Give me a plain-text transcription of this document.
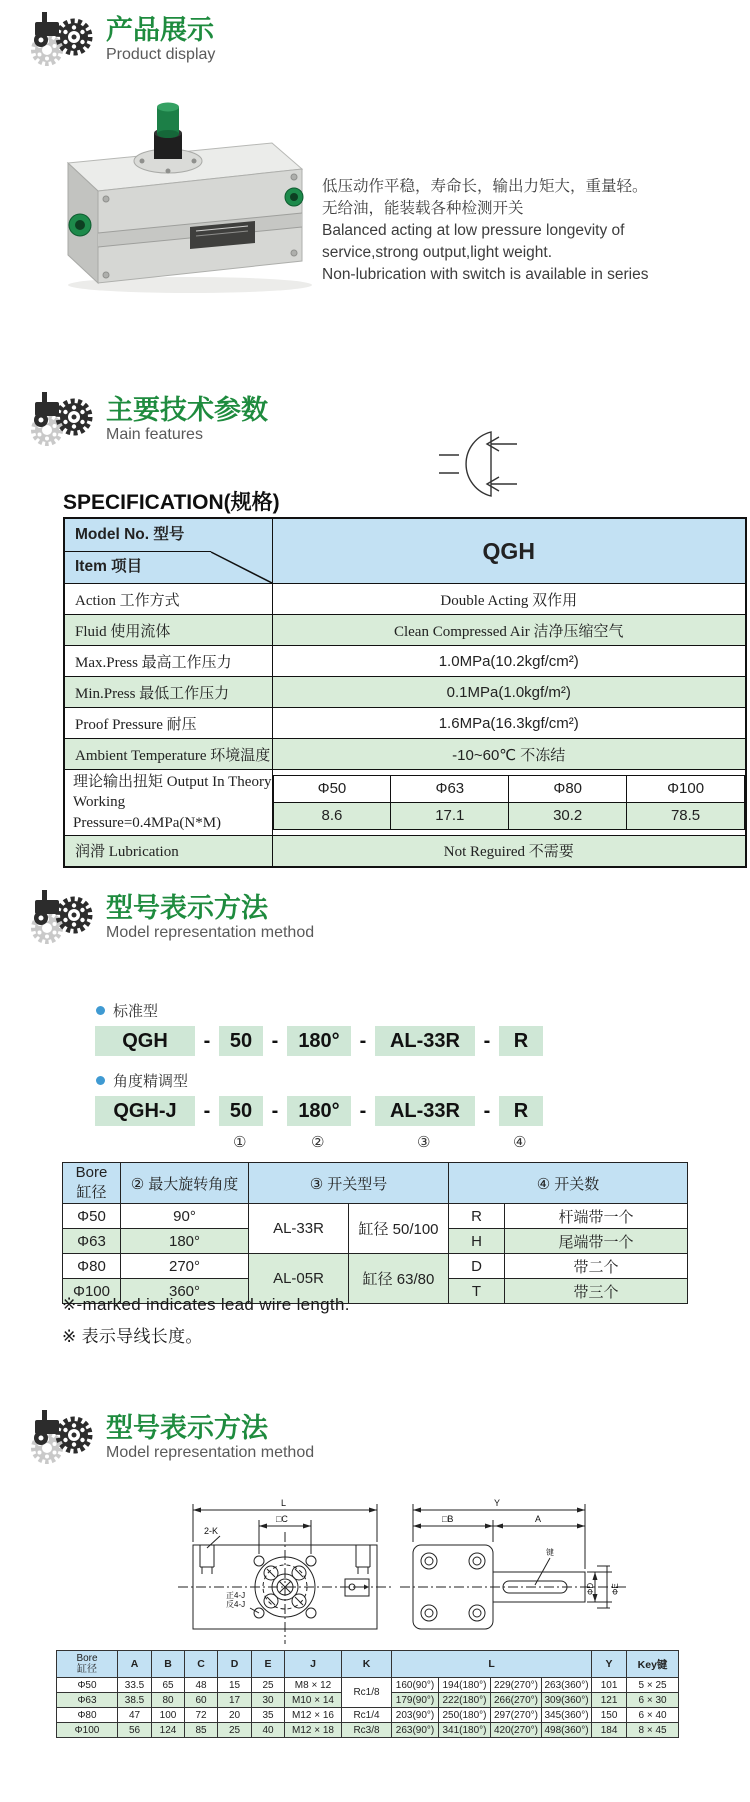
产品展示
Product display
低压动作平稳，寿命长，输出力矩大，重量轻。
无给油，能装载各种检测开关
Balanced acting at low pressure longevity of
service,strong output,light weight.
Non-lubrication with switch is available in series
主要技术参数
Main features
SPECIFICATION(规格)
Model No. 型号
Item 项目
	QGH
Action 工作方式	Double Acting 双作用
Fluid 使用流体	Clean Compressed Air 洁净压缩空气
Max.Press 最高工作压力	1.0MPa(10.2kgf/cm²)
Min.Press 最低工作压力	0.1MPa(1.0kgf/m²)
Proof Pressure 耐压	1.6MPa(16.3kgf/cm²)
Ambient Temperature 环境温度	-10~60℃ 不冻结

理论输出扭矩 Output In Theory
Working Pressure=0.4MPa(N*M)

Φ50	Φ63	Φ80	Φ100
8.6	17.1	30.2	78.5

润滑 Lubrication	Not Reguired 不需要
型号表示方法
Model representation method
标准型
QGH	- 50 - 180° -	AL-33R	-	R
角度精调型
QGH-J	- 50 - 180° -	AL-33R	-	R
①	②	③	④
Bore
缸径	② 最大旋转角度	③ 开关型号		④ 开关数	
Φ50	90°	AL-33R	缸径 50/100	R	杆端带一个
Φ63	180°			H	尾端带一个
Φ80	270°	AL-05R	缸径 63/80	D	带二个
Φ100	360°			T	带三个
※-marked indicates lead wire length.
※ 表示导线长度。
型号表示方法
Model representation method
L
□C
2-K
正4-J
反4-J
Y
□B	A
键
ΦD ΦE
Bore
缸径	A	B	C	D	E	J	K	L				Y	Key键
Φ50	33.5	65	48	15	25	M8 × 12	Rc1/8	160(90°)	194(180°)	229(270°)	263(360°)	101	5 × 25
Φ63	38.5	80	60	17	30	M10 × 14		179(90°)	222(180°)	266(270°)	309(360°)	121	6 × 30
Φ80	47	100	72	20	35	M12 × 16	Rc1/4	203(90°)	250(180°)	297(270°)	345(360°)	150	6 × 40
Φ100	56	124	85	25	40	M12 × 18	Rc3/8	263(90°)	341(180°)	420(270°)	498(360°)	184	8 × 45
